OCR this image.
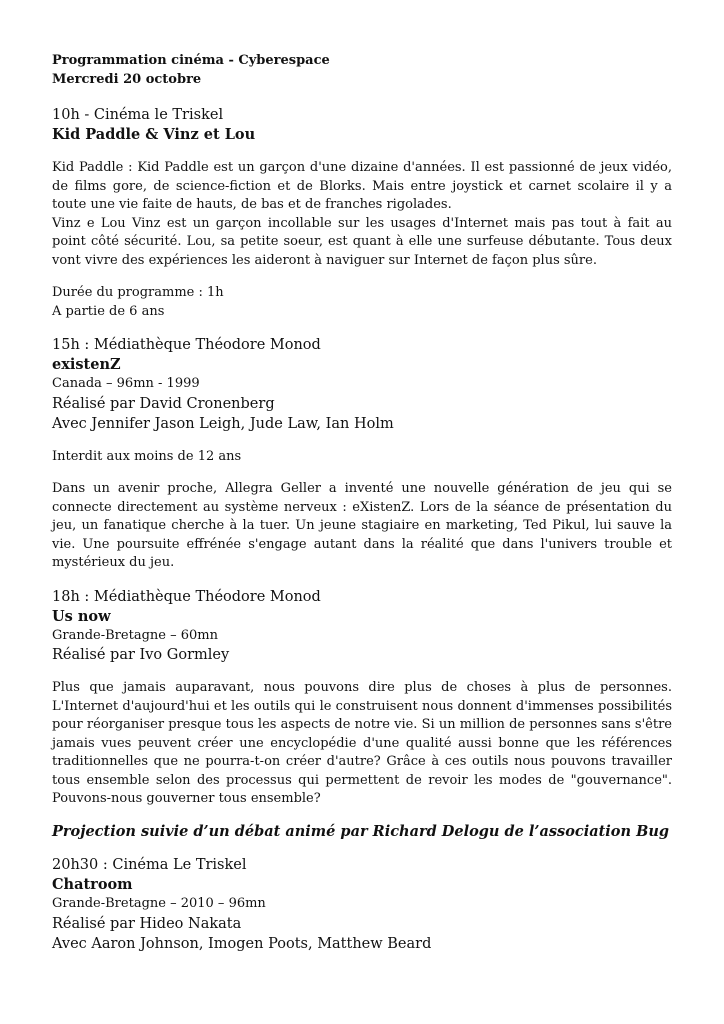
Programmation cinéma - Cyberespace

Mercredi 20 octobre

10h - Cinéma le Triskel

Kid Paddle & Vinz et Lou

Kid Paddle : Kid Paddle est un garçon d'une dizaine d'années. Il est passionné de jeux vidéo, de films gore, de science-fiction et de Blorks. Mais entre joystick et carnet scolaire il y a toute une vie faite de hauts, de bas et de franches rigolades.

Vinz e Lou Vinz est un garçon incollable sur les usages d'Internet mais pas tout à fait au point côté sécurité. Lou, sa petite soeur, est quant à elle une surfeuse débutante. Tous deux vont vivre des expériences les aideront à naviguer sur Internet de façon plus sûre.

Durée du programme : 1h

A partie de 6 ans

15h : Médiathèque Théodore Monod

existenZ

Canada – 96mn - 1999

Réalisé par David Cronenberg

Avec Jennifer Jason Leigh, Jude Law, Ian Holm

Interdit aux moins de 12 ans

Dans un avenir proche, Allegra Geller a inventé une nouvelle génération de jeu qui se connecte directement au système nerveux : eXistenZ. Lors de la séance de présentation du jeu, un fanatique cherche à la tuer. Un jeune stagiaire en marketing, Ted Pikul, lui sauve la vie. Une poursuite effrénée s'engage autant dans la réalité que dans l'univers trouble et mystérieux du jeu.

18h : Médiathèque Théodore Monod

Us now

Grande-Bretagne – 60mn

Réalisé par Ivo Gormley

Plus que jamais auparavant, nous pouvons dire plus de choses à plus de personnes. L'Internet d'aujourd'hui et les outils qui le construisent nous donnent d'immenses possibilités pour réorganiser presque tous les aspects de notre vie. Si un million de personnes sans s'être jamais vues peuvent créer une encyclopédie d'une qualité aussi bonne que les références traditionnelles que ne pourra-t-on créer d'autre? Grâce à ces outils nous pouvons travailler tous ensemble selon des processus qui permettent de revoir les modes de "gouvernance". Pouvons-nous gouverner tous ensemble?

Projection suivie d’un débat animé par Richard Delogu de l’association Bug

20h30 : Cinéma Le Triskel

Chatroom

Grande-Bretagne – 2010 – 96mn

Réalisé par Hideo Nakata

Avec Aaron Johnson, Imogen Poots, Matthew Beard
